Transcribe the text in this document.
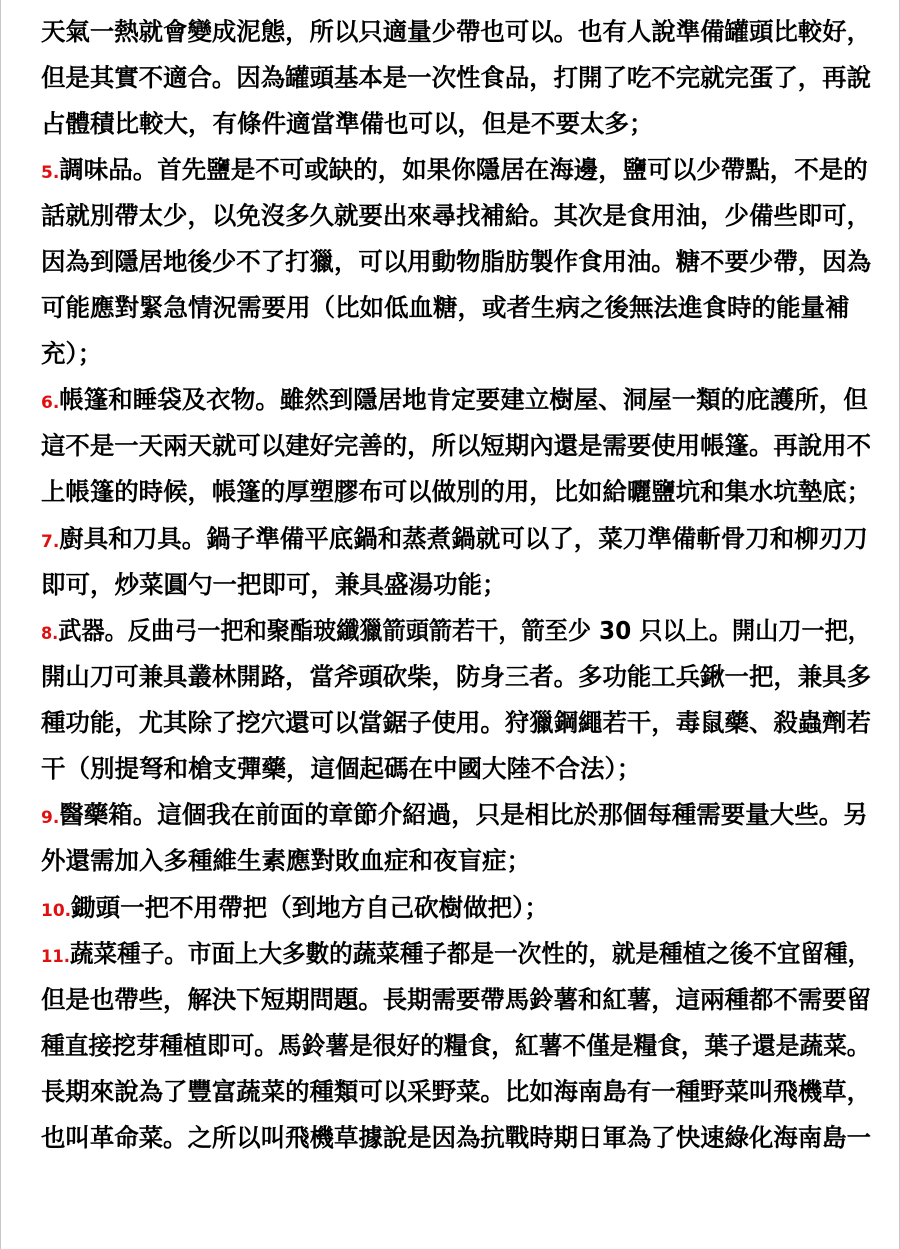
天氣一熱就會變成泥態，所以只適量少帶也可以。也有人說準備罐頭比較好，
但是其實不適合。因為罐頭基本是一次性食品，打開了吃不完就完蛋了，再說
占體積比較大，有條件適當準備也可以，但是不要太多；
5.調味品。首先鹽是不可或缺的，如果你隱居在海邊，鹽可以少帶點，不是的
話就別帶太少，以免沒多久就要出來尋找補給。其次是食用油，少備些即可，
因為到隱居地後少不了打獵，可以用動物脂肪製作食用油。糖不要少帶，因為
可能應對緊急情況需要用（比如低血糖，或者生病之後無法進食時的能量補
充）；
6.帳篷和睡袋及衣物。雖然到隱居地肯定要建立樹屋、洞屋一類的庇護所，但
這不是一天兩天就可以建好完善的，所以短期內還是需要使用帳篷。再說用不
上帳篷的時候，帳篷的厚塑膠布可以做別的用，比如給曬鹽坑和集水坑墊底；
7.廚具和刀具。鍋子準備平底鍋和蒸煮鍋就可以了，菜刀準備斬骨刀和柳刃刀
即可，炒菜圓勺一把即可，兼具盛湯功能；
8.武器。反曲弓一把和聚酯玻纖獵箭頭箭若干，箭至少 30 只以上。開山刀一把，
開山刀可兼具叢林開路，當斧頭砍柴，防身三者。多功能工兵鍬一把，兼具多
種功能，尤其除了挖穴還可以當鋸子使用。狩獵鋼繩若干，毒鼠藥、殺蟲劑若
干（別提弩和槍支彈藥，這個起碼在中國大陸不合法）；
9.醫藥箱。這個我在前面的章節介紹過，只是相比於那個每種需要量大些。另
外還需加入多種維生素應對敗血症和夜盲症；
10.鋤頭一把不用帶把（到地方自己砍樹做把）；
11.蔬菜種子。市面上大多數的蔬菜種子都是一次性的，就是種植之後不宜留種，
但是也帶些，解決下短期問題。長期需要帶馬鈴薯和紅薯，這兩種都不需要留
種直接挖芽種植即可。馬鈴薯是很好的糧食，紅薯不僅是糧食，葉子還是蔬菜。
長期來說為了豐富蔬菜的種類可以采野菜。比如海南島有一種野菜叫飛機草，
也叫革命菜。之所以叫飛機草據說是因為抗戰時期日軍為了快速綠化海南島一
